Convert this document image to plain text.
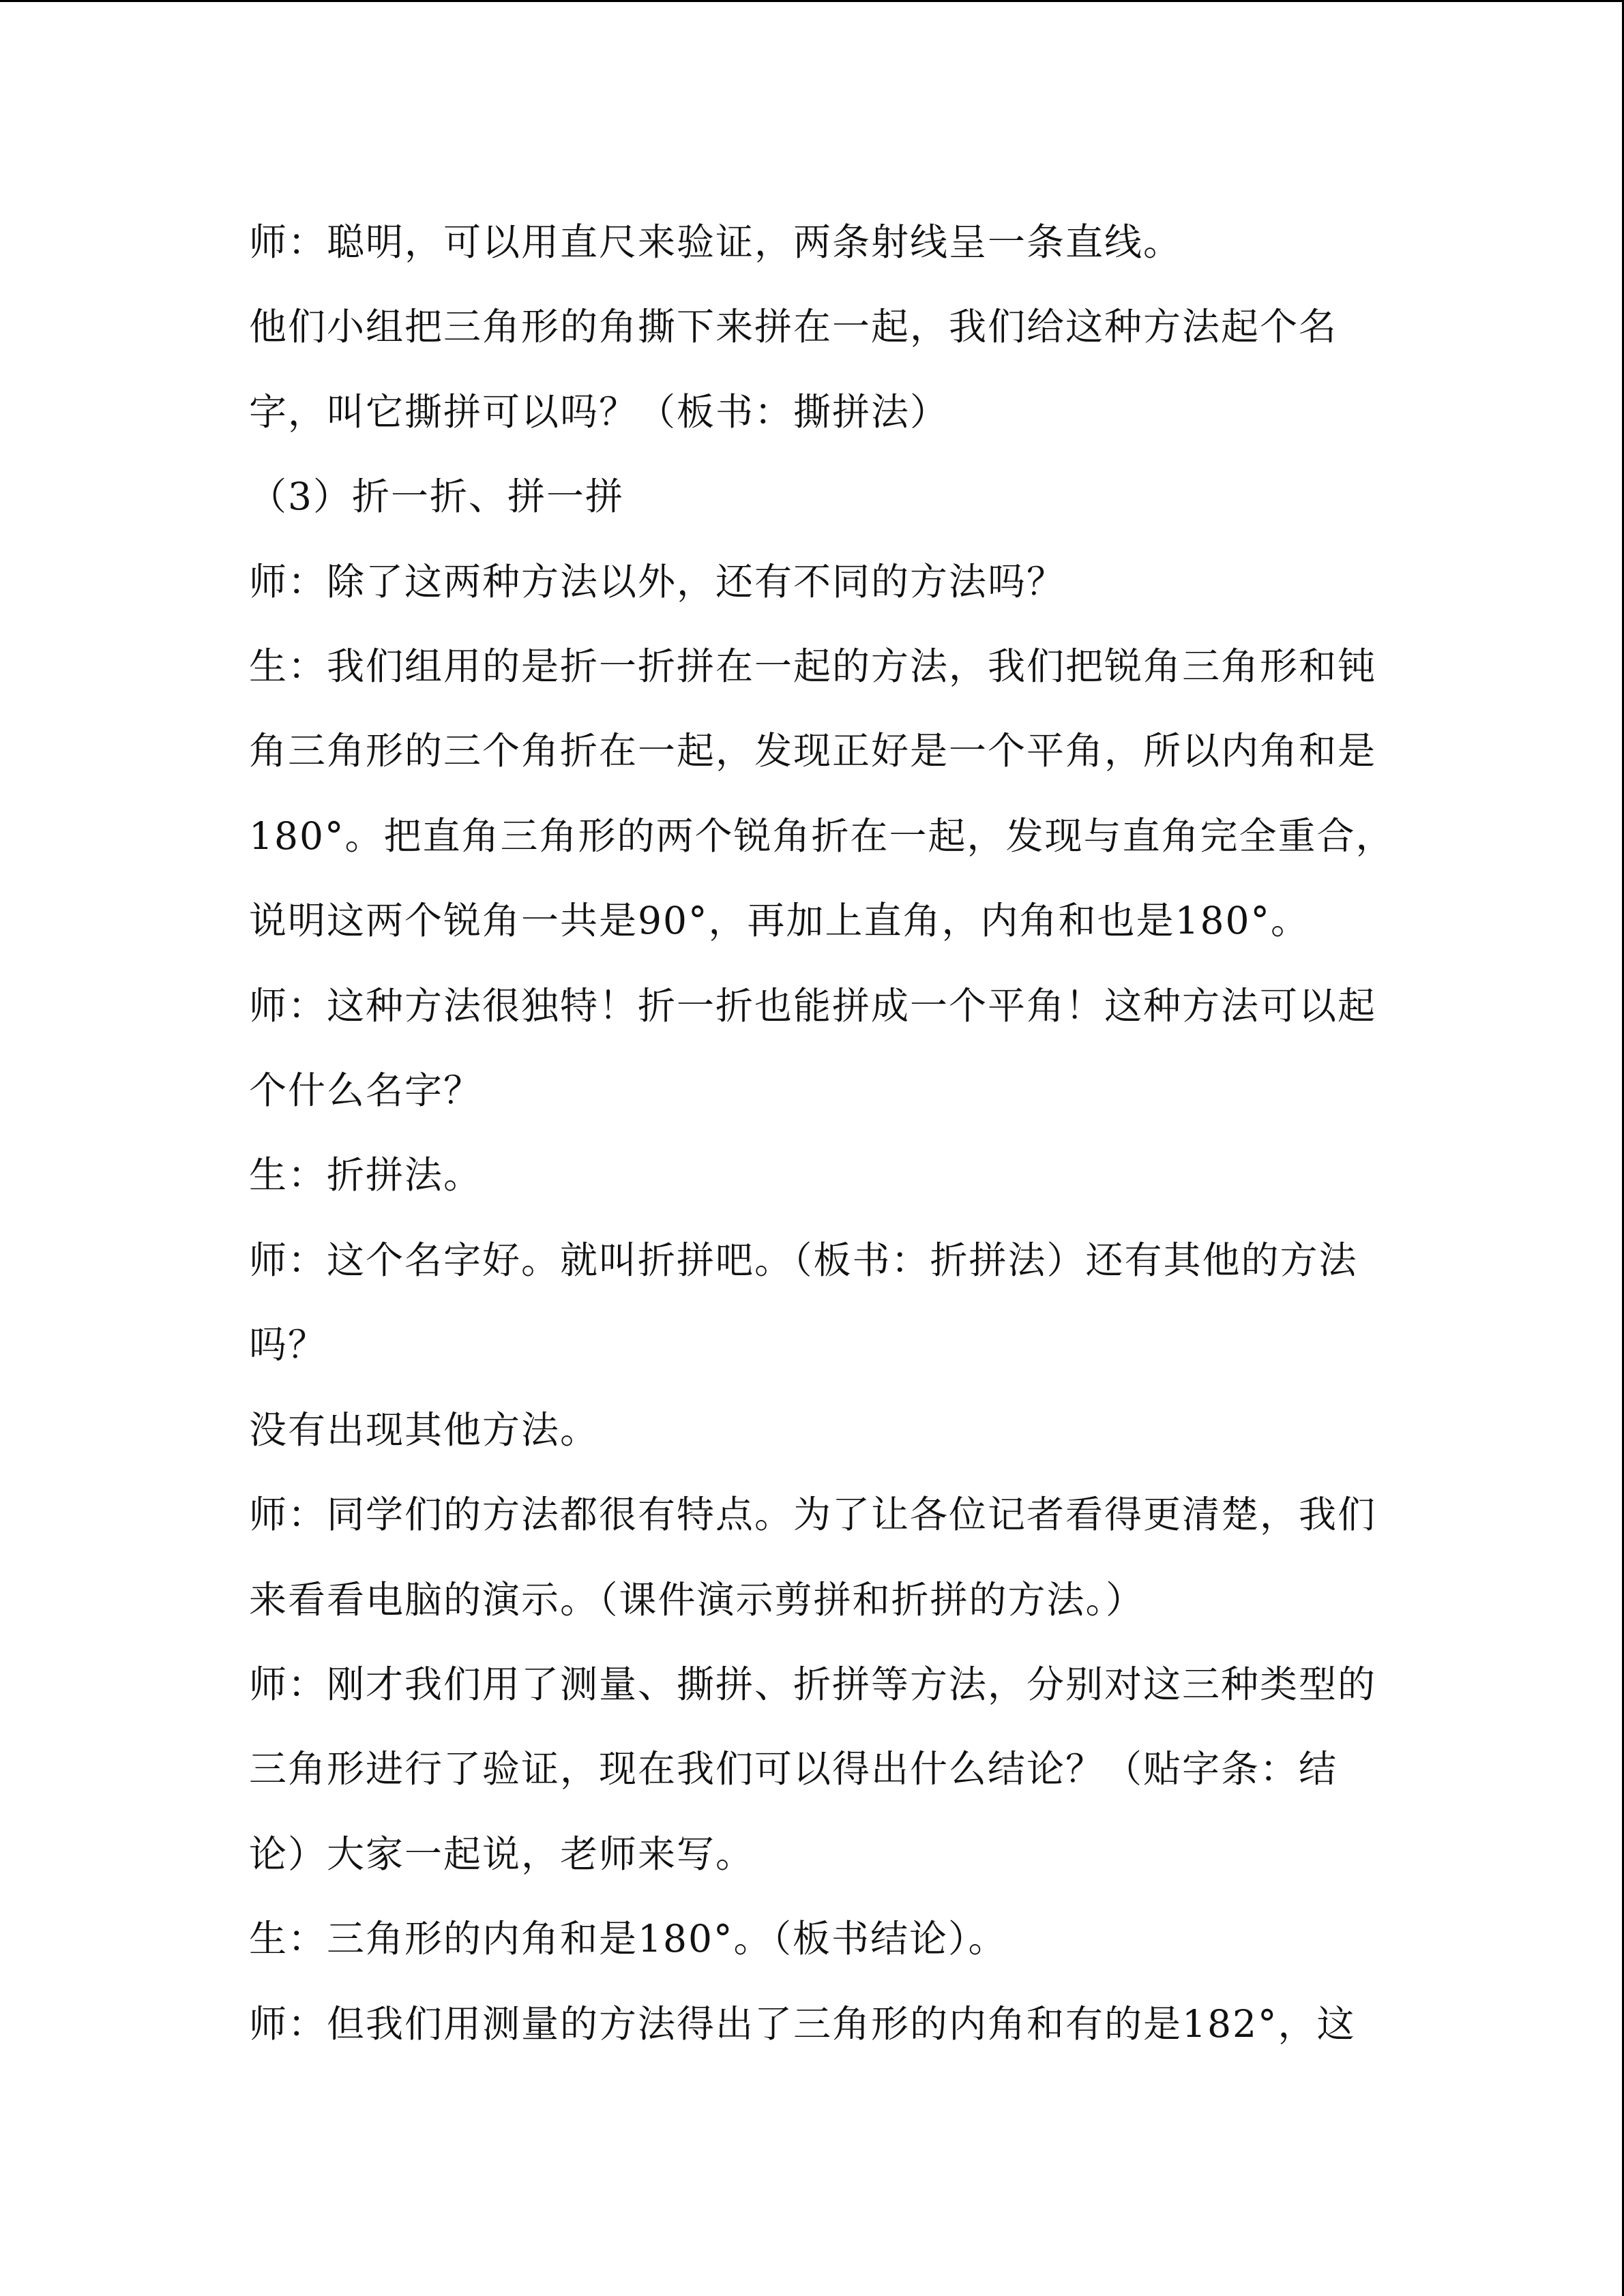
师：聪明，可以用直尺来验证，两条射线呈一条直线。
他们小组把三角形的角撕下来拼在一起，我们给这种方法起个名
字，叫它撕拼可以吗？（板书：撕拼法）
（3）折一折、拼一拼
师：除了这两种方法以外，还有不同的方法吗？
生：我们组用的是折一折拼在一起的方法，我们把锐角三角形和钝
角三角形的三个角折在一起，发现正好是一个平角，所以内角和是
180°。把直角三角形的两个锐角折在一起，发现与直角完全重合，
说明这两个锐角一共是90°，再加上直角，内角和也是180°。
师：这种方法很独特！折一折也能拼成一个平角！这种方法可以起
个什么名字？
生：折拼法。
师：这个名字好。就叫折拼吧。（板书：折拼法）还有其他的方法
吗？
没有出现其他方法。
师：同学们的方法都很有特点。为了让各位记者看得更清楚，我们
来看看电脑的演示。（课件演示剪拼和折拼的方法。）
师：刚才我们用了测量、撕拼、折拼等方法，分别对这三种类型的
三角形进行了验证，现在我们可以得出什么结论？（贴字条：结
论）大家一起说，老师来写。
生：三角形的内角和是180°。（板书结论）。
师：但我们用测量的方法得出了三角形的内角和有的是182°，这
